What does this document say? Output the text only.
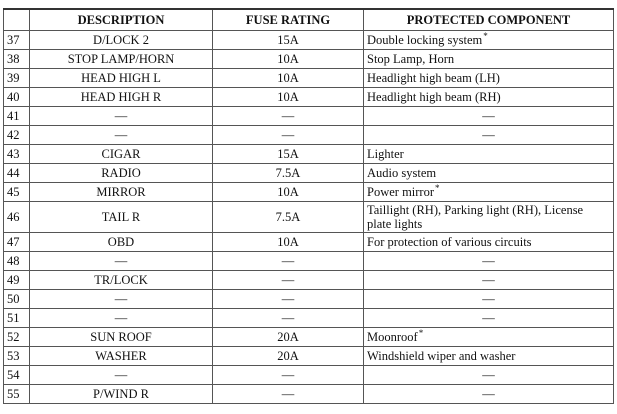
	DESCRIPTION	FUSE RATING	PROTECTED COMPONENT
37	D/LOCK 2	15A	Double locking system*
38	STOP LAMP/HORN	10A	Stop Lamp, Horn
39	HEAD HIGH L	10A	Headlight high beam (LH)
40	HEAD HIGH R	10A	Headlight high beam (RH)
41	—	—	—
42	—	—	—
43	CIGAR	15A	Lighter
44	RADIO	7.5A	Audio system
45	MIRROR	10A	Power mirror*
46	TAIL R	7.5A	Taillight (RH), Parking light (RH), License plate lights
47	OBD	10A	For protection of various circuits
48	—	—	—
49	TR/LOCK	—	—
50	—	—	—
51	—	—	—
52	SUN ROOF	20A	Moonroof*
53	WASHER	20A	Windshield wiper and washer
54	—	—	—
55	P/WIND R	—	—
